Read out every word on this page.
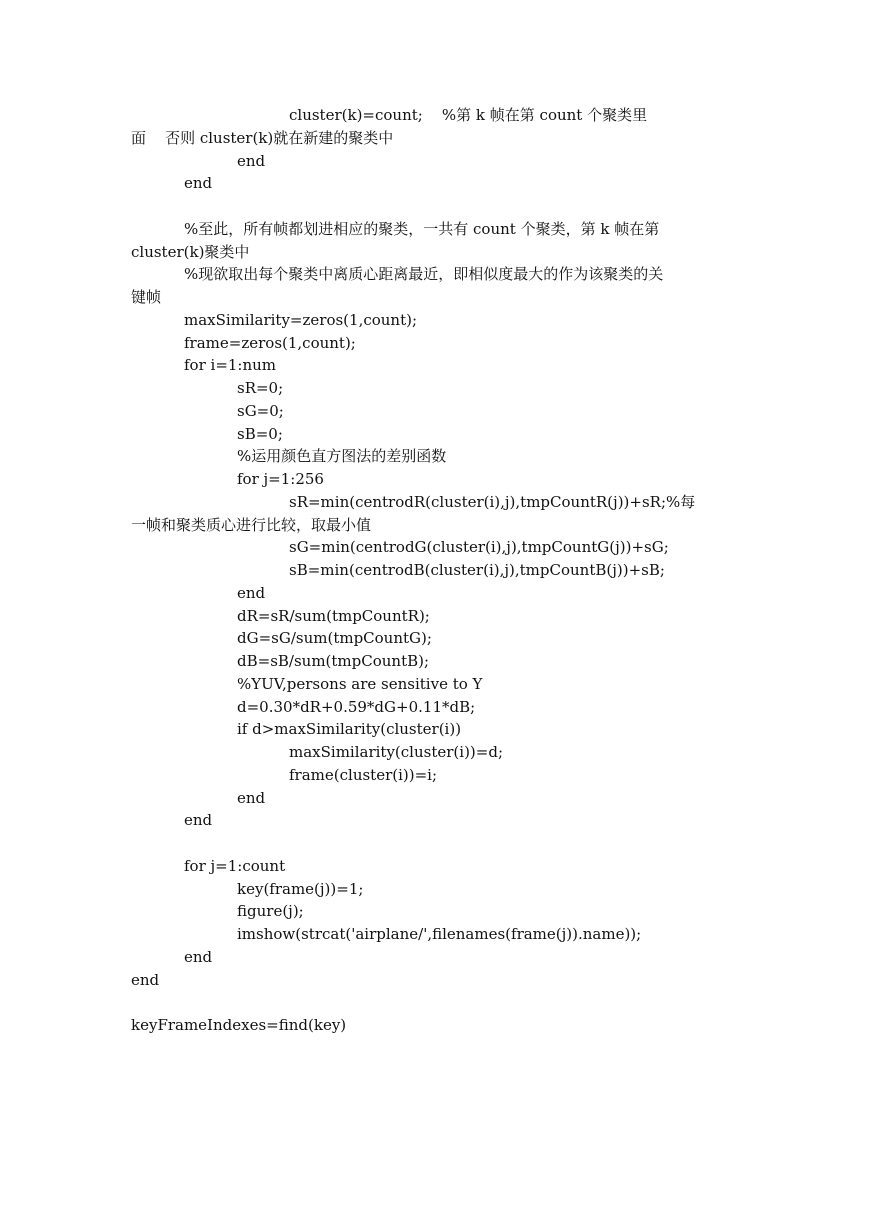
cluster(k)=count;    %第 k 帧在第 count 个聚类里
面    否则 cluster(k)就在新建的聚类中
end
end
%至此，所有帧都划进相应的聚类，一共有 count 个聚类，第 k 帧在第
cluster(k)聚类中
%现欲取出每个聚类中离质心距离最近，即相似度最大的作为该聚类的关
键帧
maxSimilarity=zeros(1,count);
frame=zeros(1,count);
for i=1:num
sR=0;
sG=0;
sB=0;
%运用颜色直方图法的差别函数
for j=1:256
sR=min(centrodR(cluster(i),j),tmpCountR(j))+sR;%每
一帧和聚类质心进行比较，取最小值
sG=min(centrodG(cluster(i),j),tmpCountG(j))+sG;
sB=min(centrodB(cluster(i),j),tmpCountB(j))+sB;
end
dR=sR/sum(tmpCountR);
dG=sG/sum(tmpCountG);
dB=sB/sum(tmpCountB);
%YUV,persons are sensitive to Y
d=0.30*dR+0.59*dG+0.11*dB;
if d>maxSimilarity(cluster(i))
maxSimilarity(cluster(i))=d;
frame(cluster(i))=i;
end
end
for j=1:count
key(frame(j))=1;
figure(j);
imshow(strcat('airplane/',filenames(frame(j)).name));
end
end
keyFrameIndexes=find(key)
